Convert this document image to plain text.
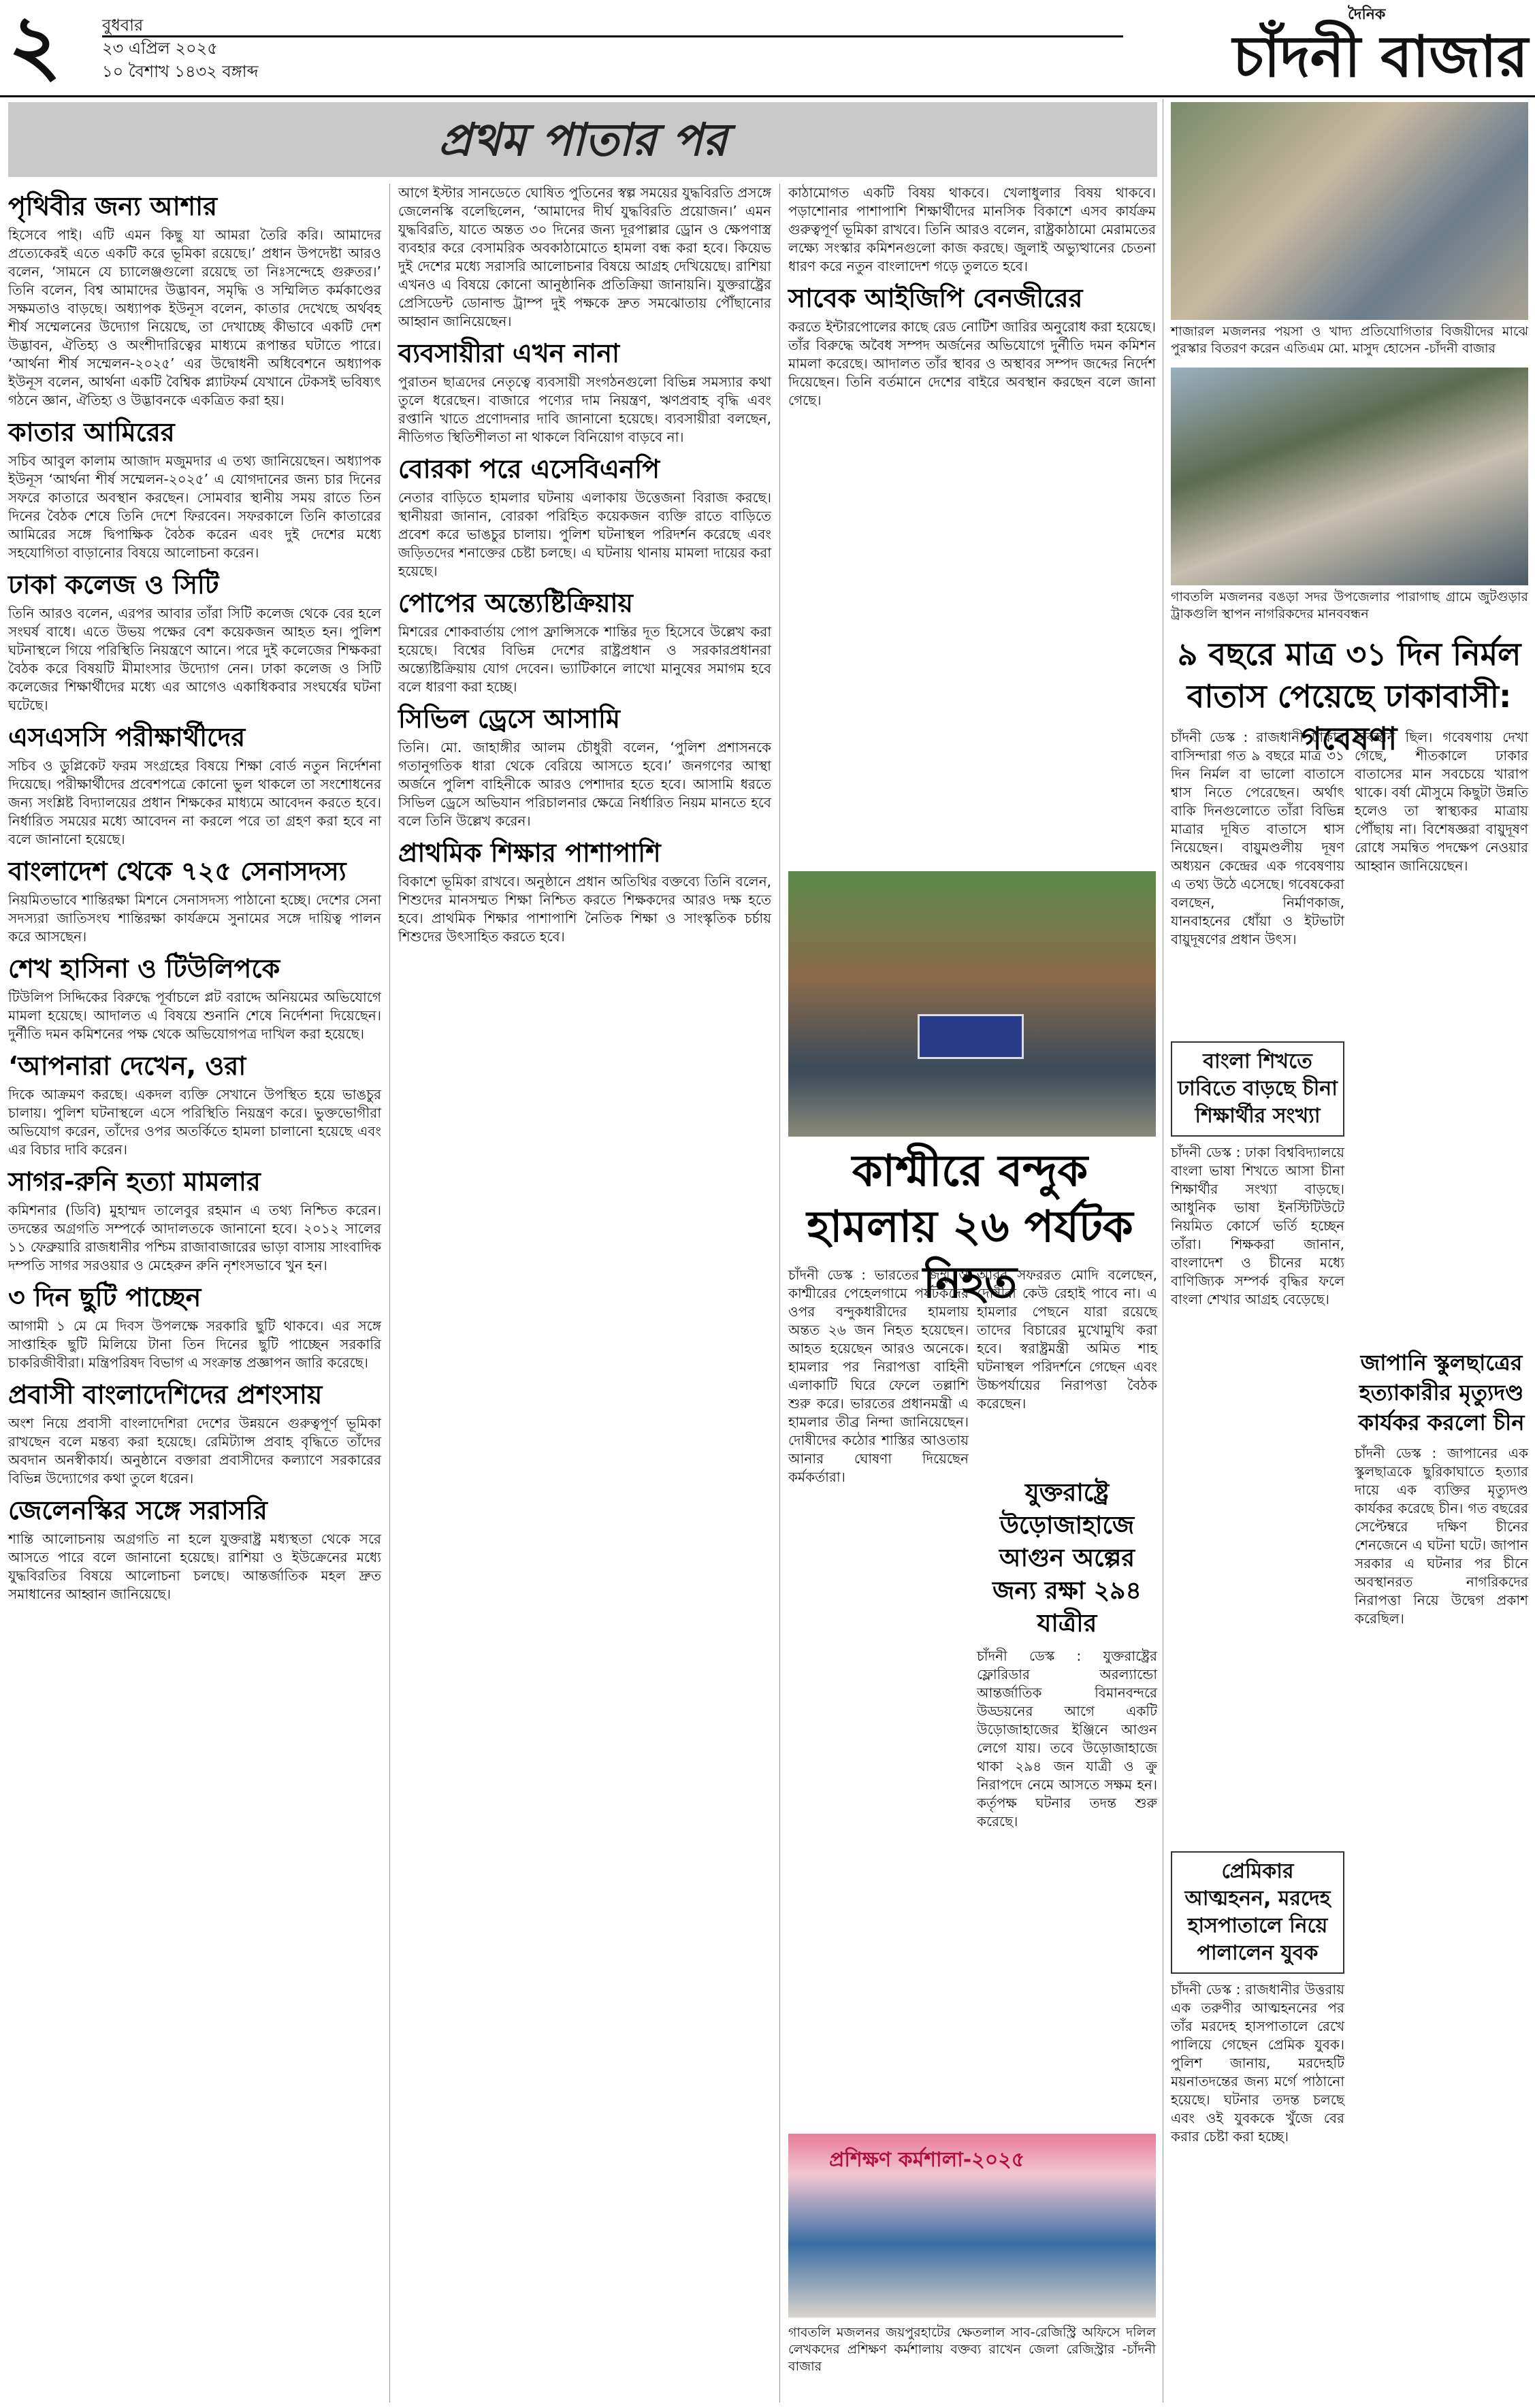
২	বুধবার
২৩ এপ্রিল ২০২৫
১০ বৈশাখ ১৪৩২ বঙ্গাব্দ
দৈনিক
চাঁদনী বাজার
প্রথম পাতার পর
পৃথিবীর জন্য আশার

হিসেবে পাই। এটি এমন কিছু যা আমরা তৈরি করি। আমাদের প্রত্যেকেরই এতে একটি করে ভূমিকা রয়েছে।’ প্রধান উপদেষ্টা আরও বলেন, ‘সামনে যে চ্যালেঞ্জগুলো রয়েছে তা নিঃসন্দেহে গুরুতর।’ তিনি বলেন, বিশ্ব আমাদের উদ্ভাবন, সমৃদ্ধি ও সম্মিলিত কর্মকাণ্ডের সক্ষমতাও বাড়ছে। অধ্যাপক ইউনূস বলেন, কাতার দেখেছে অর্থবহ শীর্ষ সম্মেলনের উদ্যোগ নিয়েছে, তা দেখাচ্ছে কীভাবে একটি দেশ উদ্ভাবন, ঐতিহ্য ও অংশীদারিত্বের মাধ্যমে রূপান্তর ঘটাতে পারে। ‘আর্থনা শীর্ষ সম্মেলন-২০২৫’ এর উদ্বোধনী অধিবেশনে অধ্যাপক ইউনূস বলেন, আর্থনা একটি বৈশ্বিক প্ল্যাটফর্ম যেখানে টেকসই ভবিষ্যৎ গঠনে জ্ঞান, ঐতিহ্য ও উদ্ভাবনকে একত্রিত করা হয়।

কাতার আমিরের

সচিব আবুল কালাম আজাদ মজুমদার এ তথ্য জানিয়েছেন। অধ্যাপক ইউনূস ‘আর্থনা শীর্ষ সম্মেলন-২০২৫’ এ যোগদানের জন্য চার দিনের সফরে কাতারে অবস্থান করছেন। সোমবার স্থানীয় সময় রাতে তিন দিনের বৈঠক শেষে তিনি দেশে ফিরবেন। সফরকালে তিনি কাতারের আমিরের সঙ্গে দ্বিপাক্ষিক বৈঠক করেন এবং দুই দেশের মধ্যে সহযোগিতা বাড়ানোর বিষয়ে আলোচনা করেন।

ঢাকা কলেজ ও সিটি

তিনি আরও বলেন, এরপর আবার তাঁরা সিটি কলেজ থেকে বের হলে সংঘর্ষ বাধে। এতে উভয় পক্ষের বেশ কয়েকজন আহত হন। পুলিশ ঘটনাস্থলে গিয়ে পরিস্থিতি নিয়ন্ত্রণে আনে। পরে দুই কলেজের শিক্ষকরা বৈঠক করে বিষয়টি মীমাংসার উদ্যোগ নেন। ঢাকা কলেজ ও সিটি কলেজের শিক্ষার্থীদের মধ্যে এর আগেও একাধিকবার সংঘর্ষের ঘটনা ঘটেছে।

এসএসসি পরীক্ষার্থীদের

সচিব ও ডুপ্লিকেট ফরম সংগ্রহের বিষয়ে শিক্ষা বোর্ড নতুন নির্দেশনা দিয়েছে। পরীক্ষার্থীদের প্রবেশপত্রে কোনো ভুল থাকলে তা সংশোধনের জন্য সংশ্লিষ্ট বিদ্যালয়ের প্রধান শিক্ষকের মাধ্যমে আবেদন করতে হবে। নির্ধারিত সময়ের মধ্যে আবেদন না করলে পরে তা গ্রহণ করা হবে না বলে জানানো হয়েছে।

বাংলাদেশ থেকে ৭২৫ সেনাসদস্য

নিয়মিতভাবে শান্তিরক্ষা মিশনে সেনাসদস্য পাঠানো হচ্ছে। দেশের সেনা সদস্যরা জাতিসংঘ শান্তিরক্ষা কার্যক্রমে সুনামের সঙ্গে দায়িত্ব পালন করে আসছেন।

শেখ হাসিনা ও টিউলিপকে

টিউলিপ সিদ্দিকের বিরুদ্ধে পূর্বাচলে প্লট বরাদ্দে অনিয়মের অভিযোগে মামলা হয়েছে। আদালত এ বিষয়ে শুনানি শেষে নির্দেশনা দিয়েছেন। দুর্নীতি দমন কমিশনের পক্ষ থেকে অভিযোগপত্র দাখিল করা হয়েছে।

‘আপনারা দেখেন, ওরা

দিকে আক্রমণ করছে। একদল ব্যক্তি সেখানে উপস্থিত হয়ে ভাঙচুর চালায়। পুলিশ ঘটনাস্থলে এসে পরিস্থিতি নিয়ন্ত্রণ করে। ভুক্তভোগীরা অভিযোগ করেন, তাঁদের ওপর অতর্কিতে হামলা চালানো হয়েছে এবং এর বিচার দাবি করেন।

সাগর-রুনি হত্যা মামলার

কমিশনার (ডিবি) মুহাম্মদ তালেবুর রহমান এ তথ্য নিশ্চিত করেন। তদন্তের অগ্রগতি সম্পর্কে আদালতকে জানানো হবে। ২০১২ সালের ১১ ফেব্রুয়ারি রাজধানীর পশ্চিম রাজাবাজারের ভাড়া বাসায় সাংবাদিক দম্পতি সাগর সরওয়ার ও মেহেরুন রুনি নৃশংসভাবে খুন হন।

৩ দিন ছুটি পাচ্ছেন

আগামী ১ মে মে দিবস উপলক্ষে সরকারি ছুটি থাকবে। এর সঙ্গে সাপ্তাহিক ছুটি মিলিয়ে টানা তিন দিনের ছুটি পাচ্ছেন সরকারি চাকরিজীবীরা। মন্ত্রিপরিষদ বিভাগ এ সংক্রান্ত প্রজ্ঞাপন জারি করেছে।

প্রবাসী বাংলাদেশিদের প্রশংসায়

অংশ নিয়ে প্রবাসী বাংলাদেশিরা দেশের উন্নয়নে গুরুত্বপূর্ণ ভূমিকা রাখছেন বলে মন্তব্য করা হয়েছে। রেমিট্যান্স প্রবাহ বৃদ্ধিতে তাঁদের অবদান অনস্বীকার্য। অনুষ্ঠানে বক্তারা প্রবাসীদের কল্যাণে সরকারের বিভিন্ন উদ্যোগের কথা তুলে ধরেন।

জেলেনস্কির সঙ্গে সরাসরি

শান্তি আলোচনায় অগ্রগতি না হলে যুক্তরাষ্ট্র মধ্যস্থতা থেকে সরে আসতে পারে বলে জানানো হয়েছে। রাশিয়া ও ইউক্রেনের মধ্যে যুদ্ধবিরতির বিষয়ে আলোচনা চলছে। আন্তর্জাতিক মহল দ্রুত সমাধানের আহ্বান জানিয়েছে।

আগে ইস্টার সানডেতে ঘোষিত পুতিনের স্বল্প সময়ের যুদ্ধবিরতি প্রসঙ্গে জেলেনস্কি বলেছিলেন, ‘আমাদের দীর্ঘ যুদ্ধবিরতি প্রয়োজন।’ এমন যুদ্ধবিরতি, যাতে অন্তত ৩০ দিনের জন্য দূরপাল্লার ড্রোন ও ক্ষেপণাস্ত্র ব্যবহার করে বেসামরিক অবকাঠামোতে হামলা বন্ধ করা হবে। কিয়েভ দুই দেশের মধ্যে সরাসরি আলোচনার বিষয়ে আগ্রহ দেখিয়েছে। রাশিয়া এখনও এ বিষয়ে কোনো আনুষ্ঠানিক প্রতিক্রিয়া জানায়নি। যুক্তরাষ্ট্রের প্রেসিডেন্ট ডোনাল্ড ট্রাম্প দুই পক্ষকে দ্রুত সমঝোতায় পৌঁছানোর আহ্বান জানিয়েছেন।

ব্যবসায়ীরা এখন নানা

পুরাতন ছাত্রদের নেতৃত্বে ব্যবসায়ী সংগঠনগুলো বিভিন্ন সমস্যার কথা তুলে ধরেছেন। বাজারে পণ্যের দাম নিয়ন্ত্রণ, ঋণপ্রবাহ বৃদ্ধি এবং রপ্তানি খাতে প্রণোদনার দাবি জানানো হয়েছে। ব্যবসায়ীরা বলছেন, নীতিগত স্থিতিশীলতা না থাকলে বিনিয়োগ বাড়বে না।

বোরকা পরে এসেবিএনপি

নেতার বাড়িতে হামলার ঘটনায় এলাকায় উত্তেজনা বিরাজ করছে। স্থানীয়রা জানান, বোরকা পরিহিত কয়েকজন ব্যক্তি রাতে বাড়িতে প্রবেশ করে ভাঙচুর চালায়। পুলিশ ঘটনাস্থল পরিদর্শন করেছে এবং জড়িতদের শনাক্তের চেষ্টা চলছে। এ ঘটনায় থানায় মামলা দায়ের করা হয়েছে।

পোপের অন্ত্যেষ্টিক্রিয়ায়

মিশরের শোকবার্তায় পোপ ফ্রান্সিসকে শান্তির দূত হিসেবে উল্লেখ করা হয়েছে। বিশ্বের বিভিন্ন দেশের রাষ্ট্রপ্রধান ও সরকারপ্রধানরা অন্ত্যেষ্টিক্রিয়ায় যোগ দেবেন। ভ্যাটিকানে লাখো মানুষের সমাগম হবে বলে ধারণা করা হচ্ছে।

সিভিল ড্রেসে আসামি

তিনি। মো. জাহাঙ্গীর আলম চৌধুরী বলেন, ‘পুলিশ প্রশাসনকে গতানুগতিক ধারা থেকে বেরিয়ে আসতে হবে।’ জনগণের আস্থা অর্জনে পুলিশ বাহিনীকে আরও পেশাদার হতে হবে। আসামি ধরতে সিভিল ড্রেসে অভিযান পরিচালনার ক্ষেত্রে নির্ধারিত নিয়ম মানতে হবে বলে তিনি উল্লেখ করেন।

প্রাথমিক শিক্ষার পাশাপাশি

বিকাশে ভূমিকা রাখবে। অনুষ্ঠানে প্রধান অতিথির বক্তব্যে তিনি বলেন, শিশুদের মানসম্মত শিক্ষা নিশ্চিত করতে শিক্ষকদের আরও দক্ষ হতে হবে। প্রাথমিক শিক্ষার পাশাপাশি নৈতিক শিক্ষা ও সাংস্কৃতিক চর্চায় শিশুদের উৎসাহিত করতে হবে।

কাঠামোগত একটি বিষয় থাকবে। খেলাধুলার বিষয় থাকবে। পড়াশোনার পাশাপাশি শিক্ষার্থীদের মানসিক বিকাশে এসব কার্যক্রম গুরুত্বপূর্ণ ভূমিকা রাখবে। তিনি আরও বলেন, রাষ্ট্রকাঠামো মেরামতের লক্ষ্যে সংস্কার কমিশনগুলো কাজ করছে। জুলাই অভ্যুত্থানের চেতনা ধারণ করে নতুন বাংলাদেশ গড়ে তুলতে হবে।

সাবেক আইজিপি বেনজীরের

করতে ইন্টারপোলের কাছে রেড নোটিশ জারির অনুরোধ করা হয়েছে। তাঁর বিরুদ্ধে অবৈধ সম্পদ অর্জনের অভিযোগে দুর্নীতি দমন কমিশন মামলা করেছে। আদালত তাঁর স্থাবর ও অস্থাবর সম্পদ জব্দের নির্দেশ দিয়েছেন। তিনি বর্তমানে দেশের বাইরে অবস্থান করছেন বলে জানা গেছে।

কাশ্মীরে বন্দুক হামলায় ২৬ পর্যটক নিহত

চাঁদনী ডেস্ক : ভারতের জম্মু ও কাশ্মীরের পেহেলগামে পর্যটকদের ওপর বন্দুকধারীদের হামলায় অন্তত ২৬ জন নিহত হয়েছেন। আহত হয়েছেন আরও অনেকে। হামলার পর নিরাপত্তা বাহিনী এলাকাটি ঘিরে ফেলে তল্লাশি শুরু করে। ভারতের প্রধানমন্ত্রী এ হামলার তীব্র নিন্দা জানিয়েছেন। দোষীদের কঠোর শাস্তির আওতায় আনার ঘোষণা দিয়েছেন কর্মকর্তারা।

আরব সফররত মোদি বলেছেন, দোষীরা কেউ রেহাই পাবে না। এ হামলার পেছনে যারা রয়েছে তাদের বিচারের মুখোমুখি করা হবে। স্বরাষ্ট্রমন্ত্রী অমিত শাহ ঘটনাস্থল পরিদর্শনে গেছেন এবং উচ্চপর্যায়ের নিরাপত্তা বৈঠক করেছেন।

যুক্তরাষ্ট্রে উড়োজাহাজে আগুন অল্পের জন্য রক্ষা ২৯৪ যাত্রীর

চাঁদনী ডেস্ক : যুক্তরাষ্ট্রের ফ্লোরিডার অরল্যান্ডো আন্তর্জাতিক বিমানবন্দরে উড্ডয়নের আগে একটি উড়োজাহাজের ইঞ্জিনে আগুন লেগে যায়। তবে উড়োজাহাজে থাকা ২৯৪ জন যাত্রী ও ক্রু নিরাপদে নেমে আসতে সক্ষম হন। কর্তৃপক্ষ ঘটনার তদন্ত শুরু করেছে।

প্রশিক্ষণ কর্মশালা-২০২৫
গাবতলি মজলনর জয়পুরহাটের ক্ষেতলাল সাব-রেজিস্ট্রি অফিসে দলিল লেখকদের প্রশিক্ষণ কর্মশালায় বক্তব্য রাখেন জেলা রেজিস্ট্রার -চাঁদনী বাজার
শাজারল মজলনর পয়সা ও খাদ্য প্রতিযোগিতার বিজয়ীদের মাঝে পুরস্কার বিতরণ করেন এতিএম মো. মাসুদ হোসেন -চাঁদনী বাজার
গাবতলি মজলনর বঙড়া সদর উপজেলার পারাগাছ গ্রামে জুটগুড়ার ট্রাকগুলি স্থাপন নাগরিকদের মানববন্ধন
৯ বছরে মাত্র ৩১ দিন নির্মল বাতাস পেয়েছে ঢাকাবাসী: গবেষণা

চাঁদনী ডেস্ক : রাজধানী ঢাকার বাসিন্দারা গত ৯ বছরে মাত্র ৩১ দিন নির্মল বা ভালো বাতাসে শ্বাস নিতে পেরেছেন। অর্থাৎ বাকি দিনগুলোতে তাঁরা বিভিন্ন মাত্রার দূষিত বাতাসে শ্বাস নিয়েছেন। বায়ুমণ্ডলীয় দূষণ অধ্যয়ন কেন্দ্রের এক গবেষণায় এ তথ্য উঠে এসেছে। গবেষকেরা বলছেন, নির্মাণকাজ, যানবাহনের ধোঁয়া ও ইটভাটা বায়ুদূষণের প্রধান উৎস।

অবস্থান ছিল। গবেষণায় দেখা গেছে, শীতকালে ঢাকার বাতাসের মান সবচেয়ে খারাপ থাকে। বর্ষা মৌসুমে কিছুটা উন্নতি হলেও তা স্বাস্থ্যকর মাত্রায় পৌঁছায় না। বিশেষজ্ঞরা বায়ুদূষণ রোধে সমন্বিত পদক্ষেপ নেওয়ার আহ্বান জানিয়েছেন।

বাংলা শিখতে ঢাবিতে বাড়ছে চীনা শিক্ষার্থীর সংখ্যা

চাঁদনী ডেস্ক : ঢাকা বিশ্ববিদ্যালয়ে বাংলা ভাষা শিখতে আসা চীনা শিক্ষার্থীর সংখ্যা বাড়ছে। আধুনিক ভাষা ইনস্টিটিউটে নিয়মিত কোর্সে ভর্তি হচ্ছেন তাঁরা। শিক্ষকরা জানান, বাংলাদেশ ও চীনের মধ্যে বাণিজ্যিক সম্পর্ক বৃদ্ধির ফলে বাংলা শেখার আগ্রহ বেড়েছে।

জাপানি স্কুলছাত্রের হত্যাকারীর মৃত্যুদণ্ড কার্যকর করলো চীন

চাঁদনী ডেস্ক : জাপানের এক স্কুলছাত্রকে ছুরিকাঘাতে হত্যার দায়ে এক ব্যক্তির মৃত্যুদণ্ড কার্যকর করেছে চীন। গত বছরের সেপ্টেম্বরে দক্ষিণ চীনের শেনজেনে এ ঘটনা ঘটে। জাপান সরকার এ ঘটনার পর চীনে অবস্থানরত নাগরিকদের নিরাপত্তা নিয়ে উদ্বেগ প্রকাশ করেছিল।

প্রেমিকার আত্মহনন, মরদেহ হাসপাতালে নিয়ে পালালেন যুবক

চাঁদনী ডেস্ক : রাজধানীর উত্তরায় এক তরুণীর আত্মহননের পর তাঁর মরদেহ হাসপাতালে রেখে পালিয়ে গেছেন প্রেমিক যুবক। পুলিশ জানায়, মরদেহটি ময়নাতদন্তের জন্য মর্গে পাঠানো হয়েছে। ঘটনার তদন্ত চলছে এবং ওই যুবককে খুঁজে বের করার চেষ্টা করা হচ্ছে।
